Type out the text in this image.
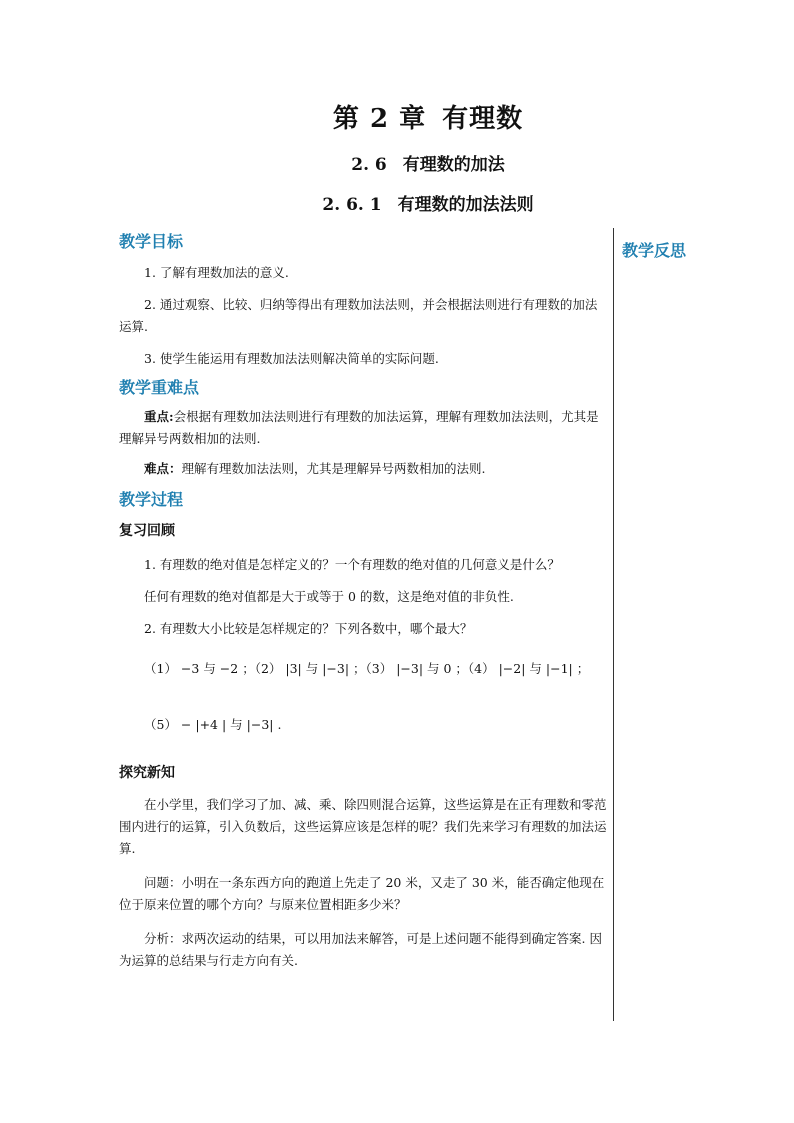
第 2 章 有理数
2. 6 有理数的加法
2. 6. 1 有理数的加法法则
教学反思
教学目标

1. 了解有理数加法的意义.

2. 通过观察、比较、归纳等得出有理数加法法则，并会根据法则进行有理数的加法运算.

3. 使学生能运用有理数加法法则解决简单的实际问题.

教学重难点

重点:会根据有理数加法法则进行有理数的加法运算，理解有理数加法法则，尤其是理解异号两数相加的法则.

难点：理解有理数加法法则，尤其是理解异号两数相加的法则.

教学过程
复习回顾

1. 有理数的绝对值是怎样定义的？一个有理数的绝对值的几何意义是什么？

任何有理数的绝对值都是大于或等于 0 的数，这是绝对值的非负性.

2. 有理数大小比较是怎样规定的？下列各数中，哪个最大？

（1） −3 与 −2 ；（2） |3| 与 |−3| ；（3） |−3| 与 0 ；（4） |−2| 与 |−1| ；

（5） − |+4 | 与 |−3| .

探究新知

在小学里，我们学习了加、减、乘、除四则混合运算，这些运算是在正有理数和零范围内进行的运算，引入负数后，这些运算应该是怎样的呢？我们先来学习有理数的加法运算.

问题：小明在一条东西方向的跑道上先走了 20 米，又走了 30 米，能否确定他现在位于原来位置的哪个方向？与原来位置相距多少米？

分析：求两次运动的结果，可以用加法来解答，可是上述问题不能得到确定答案. 因为运算的总结果与行走方向有关.
